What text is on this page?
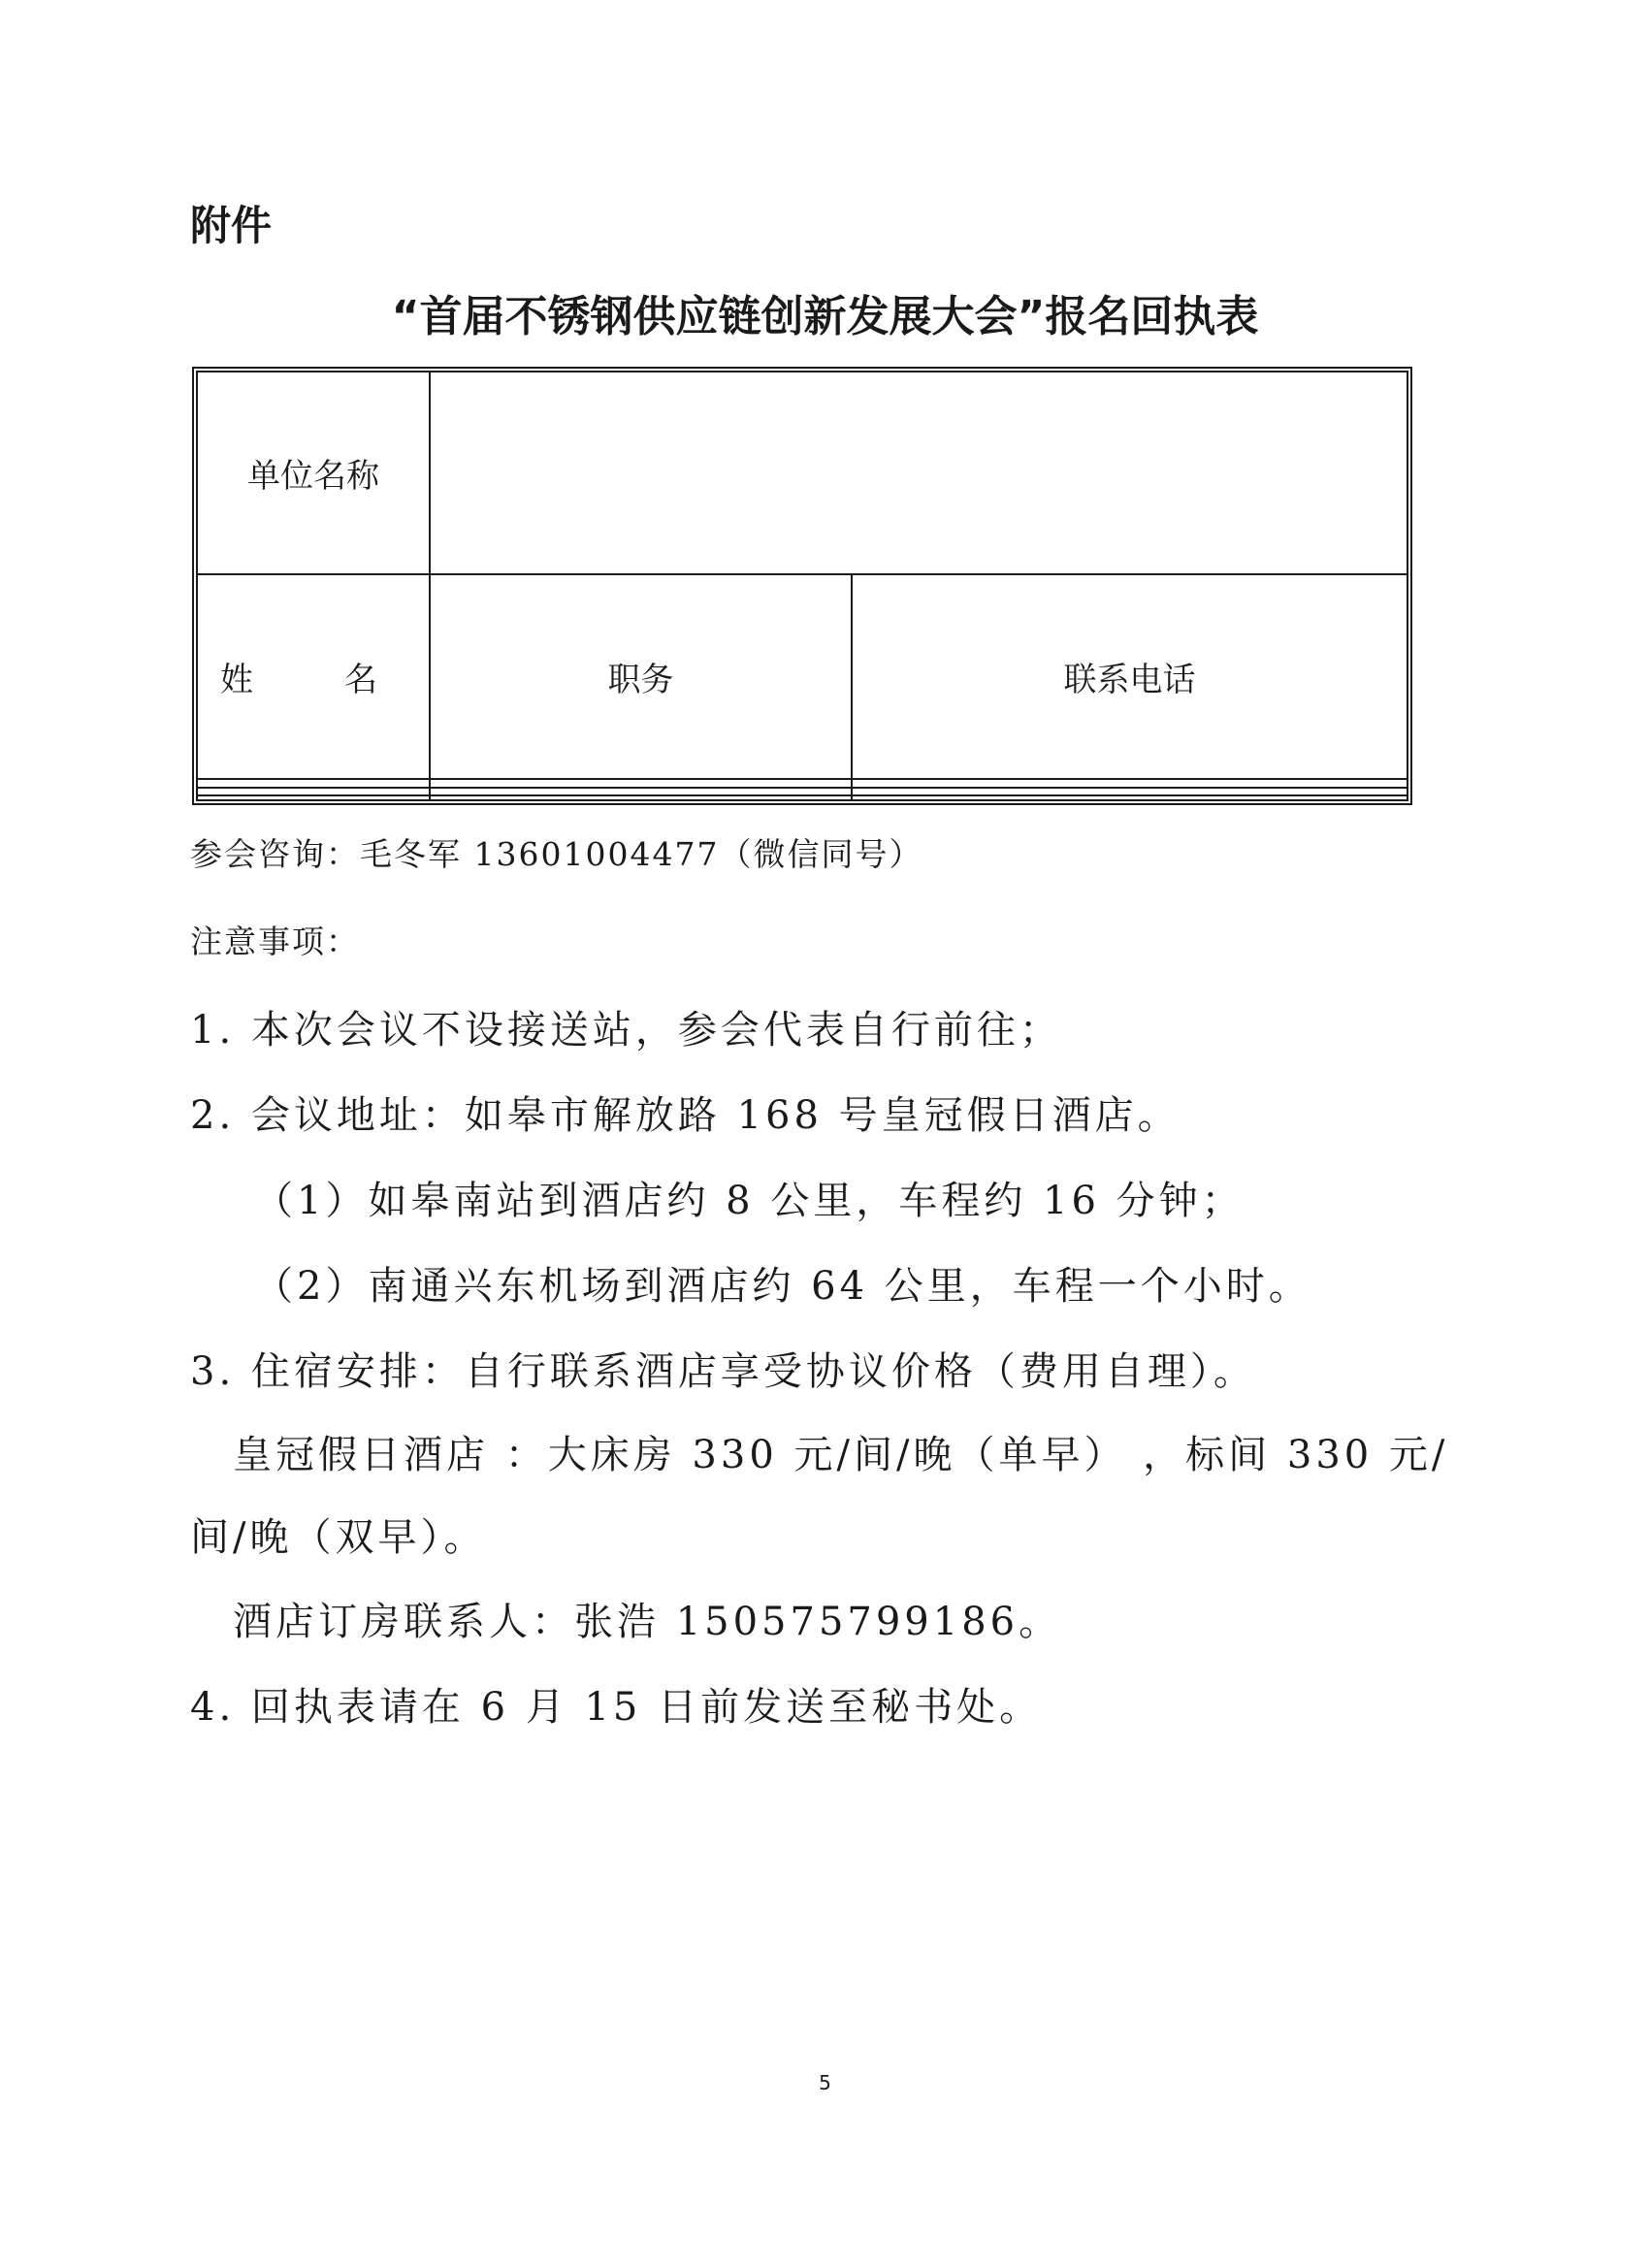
附件
“首届不锈钢供应链创新发展大会”报名回执表
单位名称		
姓　名	职务	联系电话

参会咨询：毛冬军 13601004477（微信同号）
注意事项：
1. 本次会议不设接送站，参会代表自行前往；
2. 会议地址：如皋市解放路 168 号皇冠假日酒店。
（1）如皋南站到酒店约 8 公里，车程约 16 分钟；
（2）南通兴东机场到酒店约 64 公里，车程一个小时。
3. 住宿安排：自行联系酒店享受协议价格（费用自理）。
皇冠假日酒店 ：大床房 330 元/间/晚（单早） ，标间 330 元/
间/晚（双早）。
酒店订房联系人：张浩 150575799186。
4. 回执表请在 6 月 15 日前发送至秘书处。
5
